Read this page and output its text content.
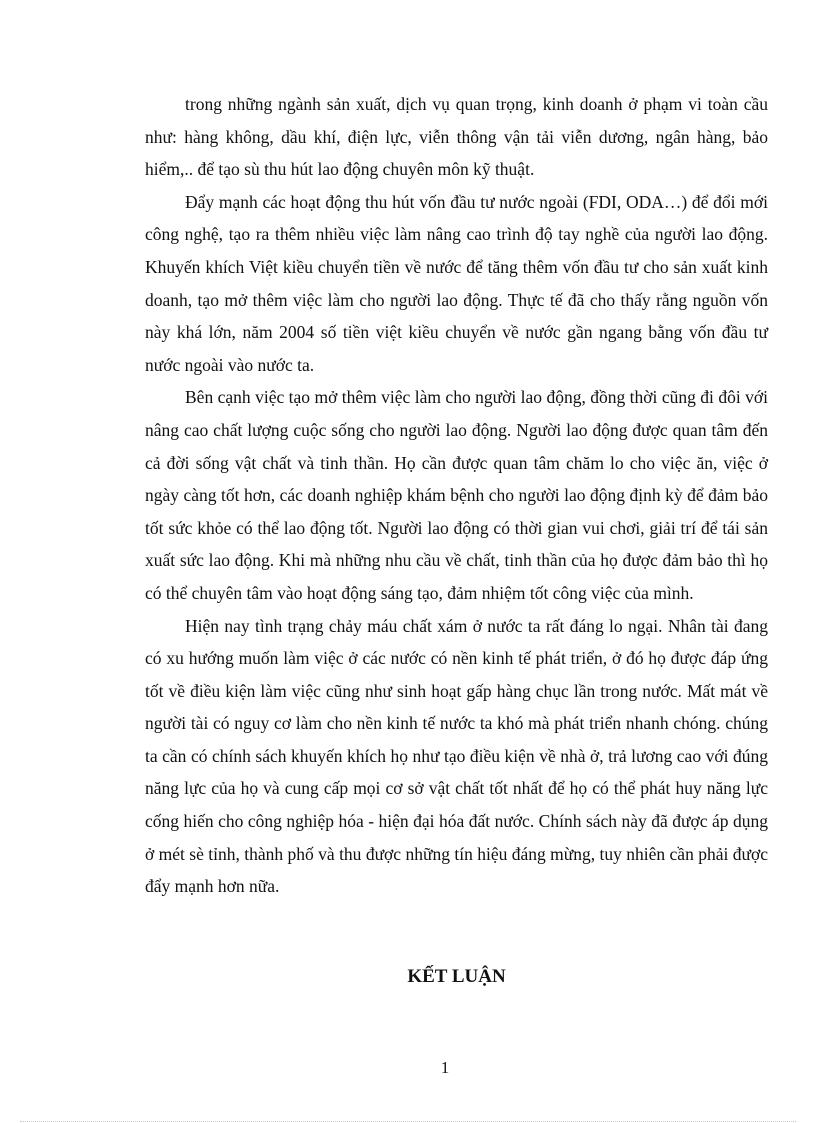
trong những ngành sản xuất, dịch vụ quan trọng, kinh doanh ở phạm vi toàn cầu như: hàng không, dầu khí, điện lực, viễn thông vận tải viễn dương, ngân hàng, bảo hiểm,.. để tạo sù thu hút lao động chuyên môn kỹ thuật.

Đẩy mạnh các hoạt động thu hút vốn đầu tư nước ngoài (FDI, ODA…) để đổi mới công nghệ, tạo ra thêm nhiều việc làm nâng cao trình độ tay nghề của người lao động. Khuyến khích Việt kiều chuyển tiền về nước để tăng thêm vốn đầu tư cho sản xuất kinh doanh, tạo mở thêm việc làm cho người lao động. Thực tế đã cho thấy rằng nguồn vốn này khá lớn, năm 2004 số tiền việt kiều chuyển về nước gần ngang bằng vốn đầu tư nước ngoài vào nước ta.

Bên cạnh việc tạo mở thêm việc làm cho người lao động, đồng thời cũng đi đôi với nâng cao chất lượng cuộc sống cho người lao động. Người lao động được quan tâm đến cả đời sống vật chất và tinh thần. Họ cần được quan tâm chăm lo cho việc ăn, việc ở ngày càng tốt hơn, các doanh nghiệp khám bệnh cho người lao động định kỳ để đảm bảo tốt sức khỏe có thể lao động tốt. Người lao động có thời gian vui chơi, giải trí để tái sản xuất sức lao động. Khi mà những nhu cầu về chất, tinh thần của họ được đảm bảo thì họ có thể chuyên tâm vào hoạt động sáng tạo, đảm nhiệm tốt công việc của mình.

Hiện nay tình trạng chảy máu chất xám ở nước ta rất đáng lo ngại. Nhân tài đang có xu hướng muốn làm việc ở các nước có nền kinh tế phát triển, ở đó họ được đáp ứng tốt về điều kiện làm việc cũng như sinh hoạt gấp hàng chục lần trong nước. Mất mát về người tài có nguy cơ làm cho nền kinh tế nước ta khó mà phát triển nhanh chóng. chúng ta cần có chính sách khuyến khích họ như tạo điều kiện về nhà ở, trả lương cao với đúng năng lực của họ và cung cấp mọi cơ sở vật chất tốt nhất để họ có thể phát huy năng lực cống hiến cho công nghiệp hóa - hiện đại hóa đất nước. Chính sách này đã được áp dụng ở mét sè tỉnh, thành phố và thu được những tín hiệu đáng mừng, tuy nhiên cần phải được đẩy mạnh hơn nữa.

KẾT LUẬN
1
